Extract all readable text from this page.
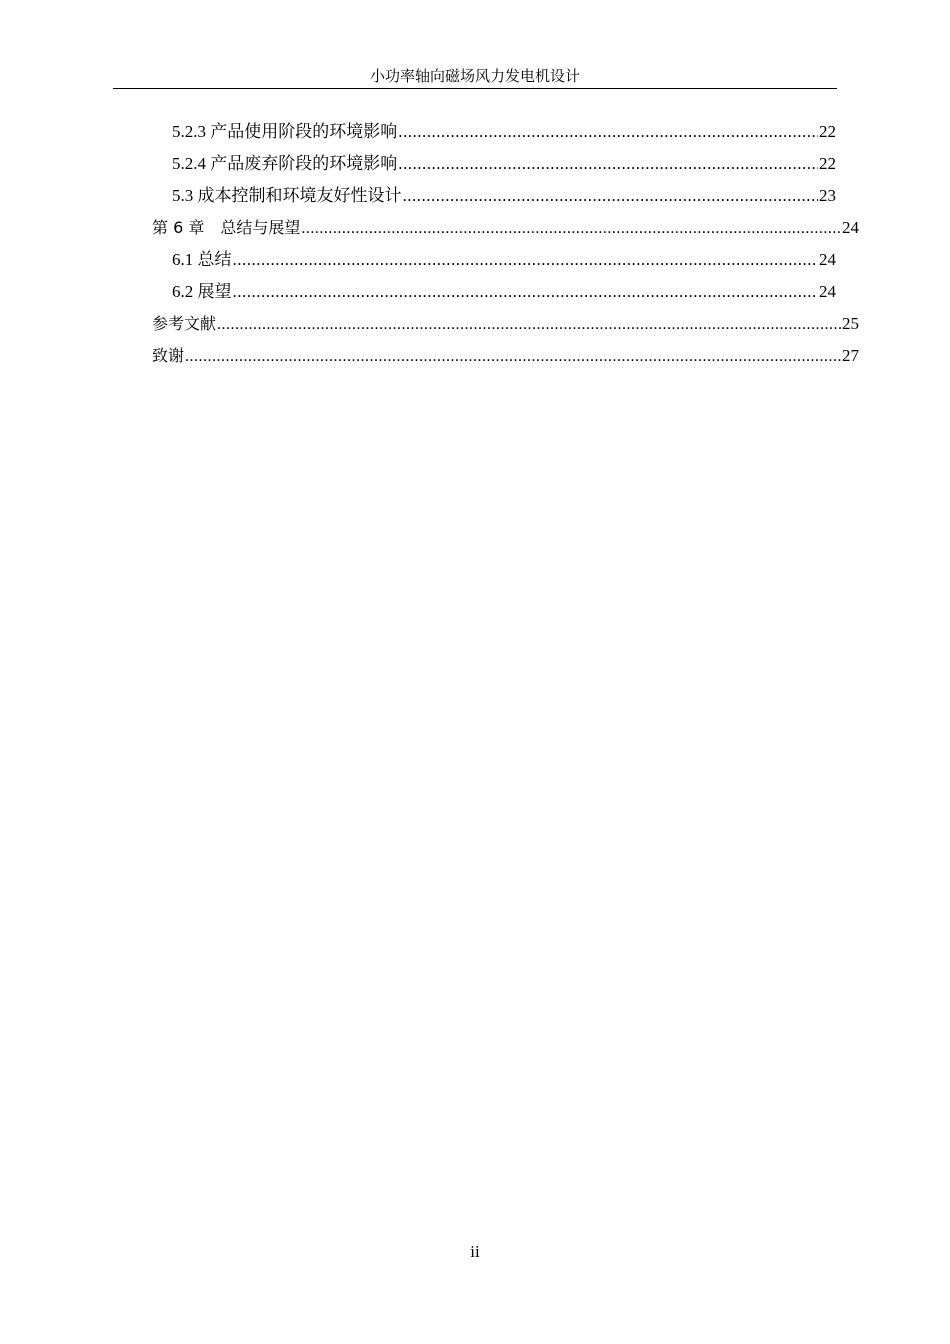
小功率轴向磁场风力发电机设计
5.2.3 产品使用阶段的环境影响 .....	22
5.2.4 产品废弃阶段的环境影响 .....	22
5.3 成本控制和环境友好性设计 .....	23
第 6 章　总结与展望 .....	24
6.1 总结 .....	24
6.2 展望 .....	24
参考文献 .....	25
致谢 .....	27
ii
